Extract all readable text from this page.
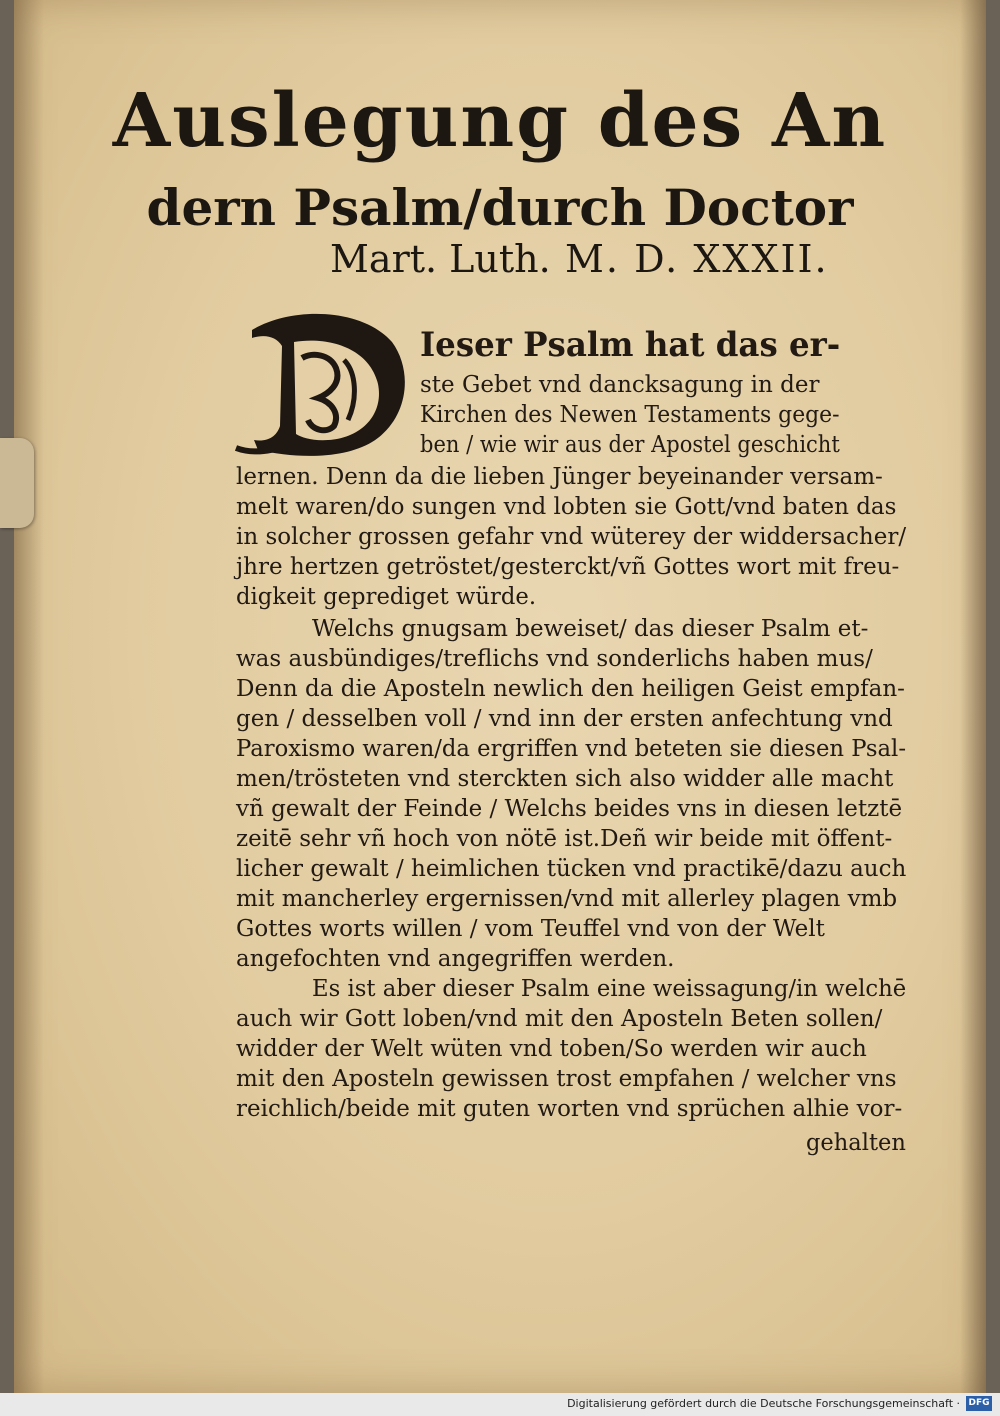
Auslegung des An
dern Psalm/durch Doctor

Mart. Luth. M. D. XXXII.

Ieser Psalm hat das er-

ste Gebet vnd dancksagung in der

Kirchen des Newen Testaments gege-

ben / wie wir aus der Apostel geschicht

lernen. Denn da die lieben Jünger beyeinander versam-

melt waren/do sungen vnd lobten sie Gott/vnd baten das

in solcher grossen gefahr vnd wüterey der widdersacher/

jhre hertzen getröstet/gesterckt/vñ Gottes wort mit freu-

digkeit geprediget würde.

Welchs gnugsam beweiset/ das dieser Psalm et-

was ausbündiges/treflichs vnd sonderlichs haben mus/

Denn da die Aposteln newlich den heiligen Geist empfan-

gen / desselben voll / vnd inn der ersten anfechtung vnd

Paroxismo waren/da ergriffen vnd beteten sie diesen Psal-

men/trösteten vnd sterckten sich also widder alle macht

vñ gewalt der Feinde / Welchs beides vns in diesen letztē

zeitē sehr vñ hoch von nötē ist.Deñ wir beide mit öffent-

licher gewalt / heimlichen tücken vnd practikē/dazu auch

mit mancherley ergernissen/vnd mit allerley plagen vmb

Gottes worts willen / vom Teuffel vnd von der Welt

angefochten vnd angegriffen werden.

Es ist aber dieser Psalm eine weissagung/in welchē

auch wir Gott loben/vnd mit den Aposteln Beten sollen/

widder der Welt wüten vnd toben/So werden wir auch

mit den Aposteln gewissen trost empfahen / welcher vns

reichlich/beide mit guten worten vnd sprüchen alhie vor-

gehalten

Digitalisierung gefördert durch die Deutsche Forschungsgemeinschaft · DFG
